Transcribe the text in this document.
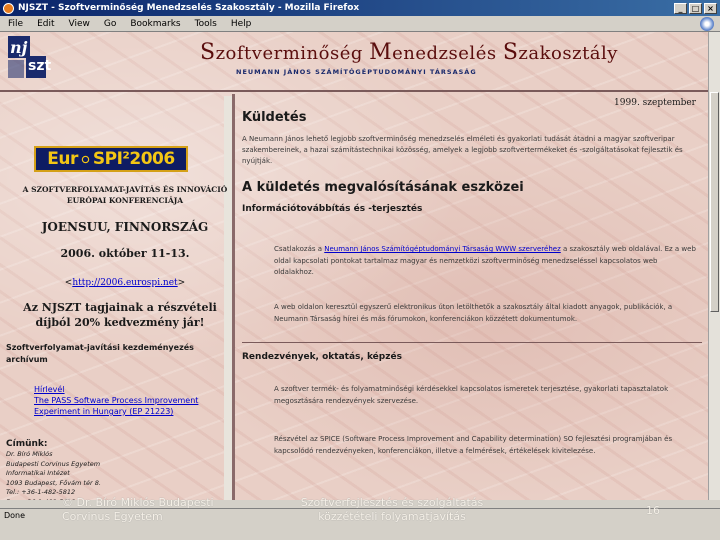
NJSZT - Szoftverminőség Menedzselés Szakosztály - Mozilla Firefox	_	□ ×
File Edit View Go Bookmarks Tools Help
nj
szt
Szoftverminőség Menedzselés Szakosztály
NEUMANN JÁNOS SZÁMÍTÓGÉPTUDOMÁNYI TÁRSASÁG
Eur SPI²2006
A SZOFTVERFOLYAMAT-JAVÍTÁS ÉS INNOVÁCIÓ EURÓPAI KONFERENCIÁJA
JOENSUU, FINNORSZÁG
2006. október 11-13.
<http://2006.eurospi.net>
Az NJSZT tagjainak a részvételi díjból 20% kedvezmény jár!
Szoftverfolyamat-javítási kezdeményezés archívum
Hírlevél
The PASS Software Process Improvement
Experiment in Hungary (EP 21223)
Címünk:
Dr. Bíró Miklós
Budapesti Corvinus Egyetem
Informatikai Intézet
1093 Budapest, Fővám tér 8.
Tel.: +36-1-482-5812
1999. szeptember
Küldetés
A Neumann János lehető legjobb szoftverminőség menedzselés elméleti és gyakorlati tudását átadni a magyar szoftveripar szakembereinek, a hazai számítástechnikai közösség, amelyek a legjobb szoftvertermékeket és -szolgáltatásokat fejlesztik és nyújtják.
A küldetés megvalósításának eszközei
Információtovábbítás és -terjesztés
Csatlakozás a Neumann János Számítógéptudományi Társaság WWW szerveréhez a szakosztály web oldalával. Ez a web oldal kapcsolati pontokat tartalmaz magyar és nemzetközi szoftverminőség menedzseléssel kapcsolatos web oldalakhoz.
A web oldalon keresztül egyszerű elektronikus úton letölthetők a szakosztály által kiadott anyagok, publikációk, a Neumann Társaság hírei és más fórumokon, konferenciákon közzétett dokumentumok.
Rendezvények, oktatás, képzés
A szoftver termék- és folyamatminőségi kérdésekkel kapcsolatos ismeretek terjesztése, gyakorlati tapasztalatok megosztására rendezvények szervezése.
Részvétel az SPICE (Software Process Improvement and Capability determination) SO fejlesztési programjában és kapcsolódó rendezvényeken, konferenciákon, illetve a felmérések, értékelések kivitelezése.
Done
© Dr. Bíró Miklós Budapesti
Corvinus Egyetem
Szoftverfejlesztés és szolgáltatás
közzétételi folyamatjavítás	16
